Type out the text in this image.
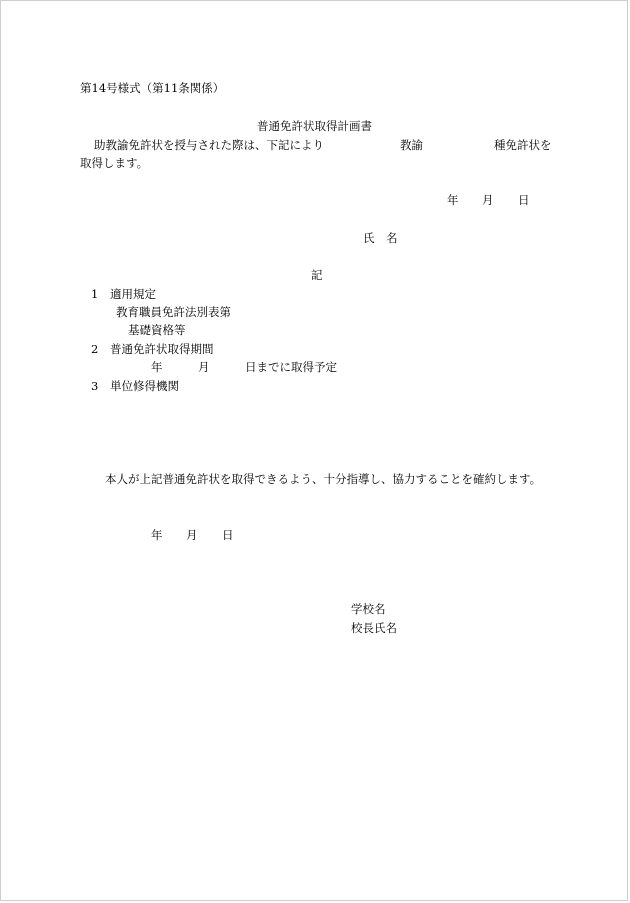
第14号様式（第11条関係）
普通免許状取得計画書
助教諭免許状を授与された際は、下記により	教諭	種免許状を
取得します。
年 月 日
氏　名
記
1 適用規定
教育職員免許法別表第
基礎資格等
2 普通免許状取得期間
年	月	日までに取得予定
3 単位修得機関
本人が上記普通免許状を取得できるよう、十分指導し、協力することを確約します。
年 月 日
学校名
校長氏名
